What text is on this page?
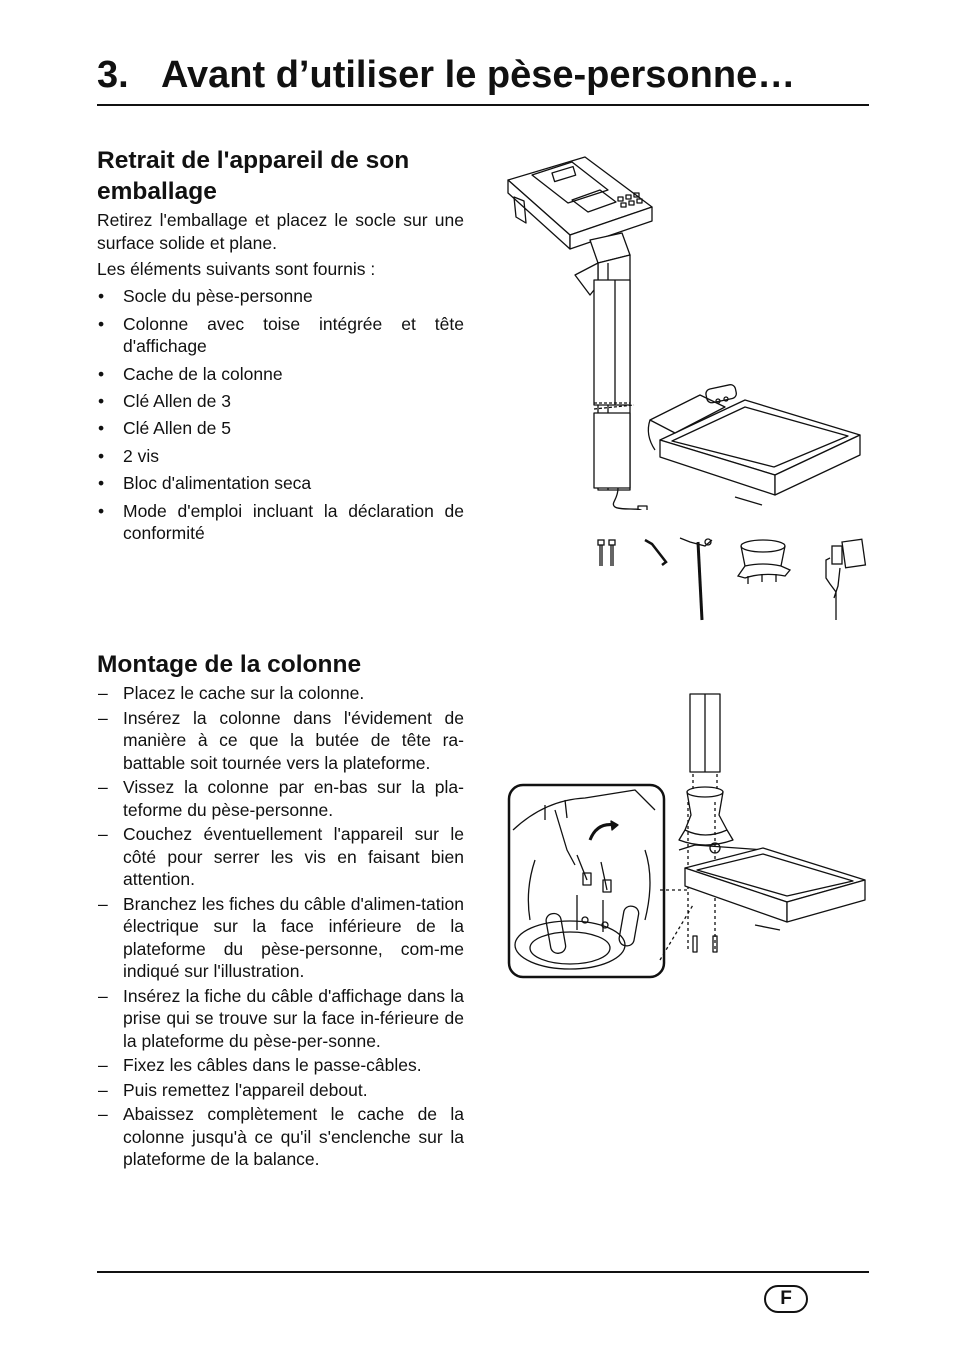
3. Avant d’utiliser le pèse-personne…
Retrait de l'appareil de son emballage

Retirez l'emballage et placez le socle sur une surface solide et plane.

Les éléments suivants sont fournis :

• Socle du pèse-personne
• Colonne avec toise intégrée et tête d'affichage
• Cache de la colonne
• Clé Allen de 3
• Clé Allen de 5
• 2 vis
• Bloc d'alimentation seca
• Mode d'emploi incluant la déclaration de conformité
Montage de la colonne
– Placez le cache sur la colonne.
– Insérez la colonne dans l'évidement de manière à ce que la butée de tête ra-battable soit tournée vers la plateforme.
– Vissez la colonne par en-bas sur la pla-teforme du pèse-personne.
– Couchez éventuellement l'appareil sur le côté pour serrer les vis en faisant bien attention.
– Branchez les fiches du câble d'alimen-tation électrique sur la face inférieure de la plateforme du pèse-personne, com-me indiqué sur l'illustration.
– Insérez la fiche du câble d'affichage dans la prise qui se trouve sur la face in-férieure de la plateforme du pèse-per-sonne.
– Fixez les câbles dans le passe-câbles.
– Puis remettez l'appareil debout.
– Abaissez complètement le cache de la colonne jusqu'à ce qu'il s'enclenche sur la plateforme de la balance.
F
